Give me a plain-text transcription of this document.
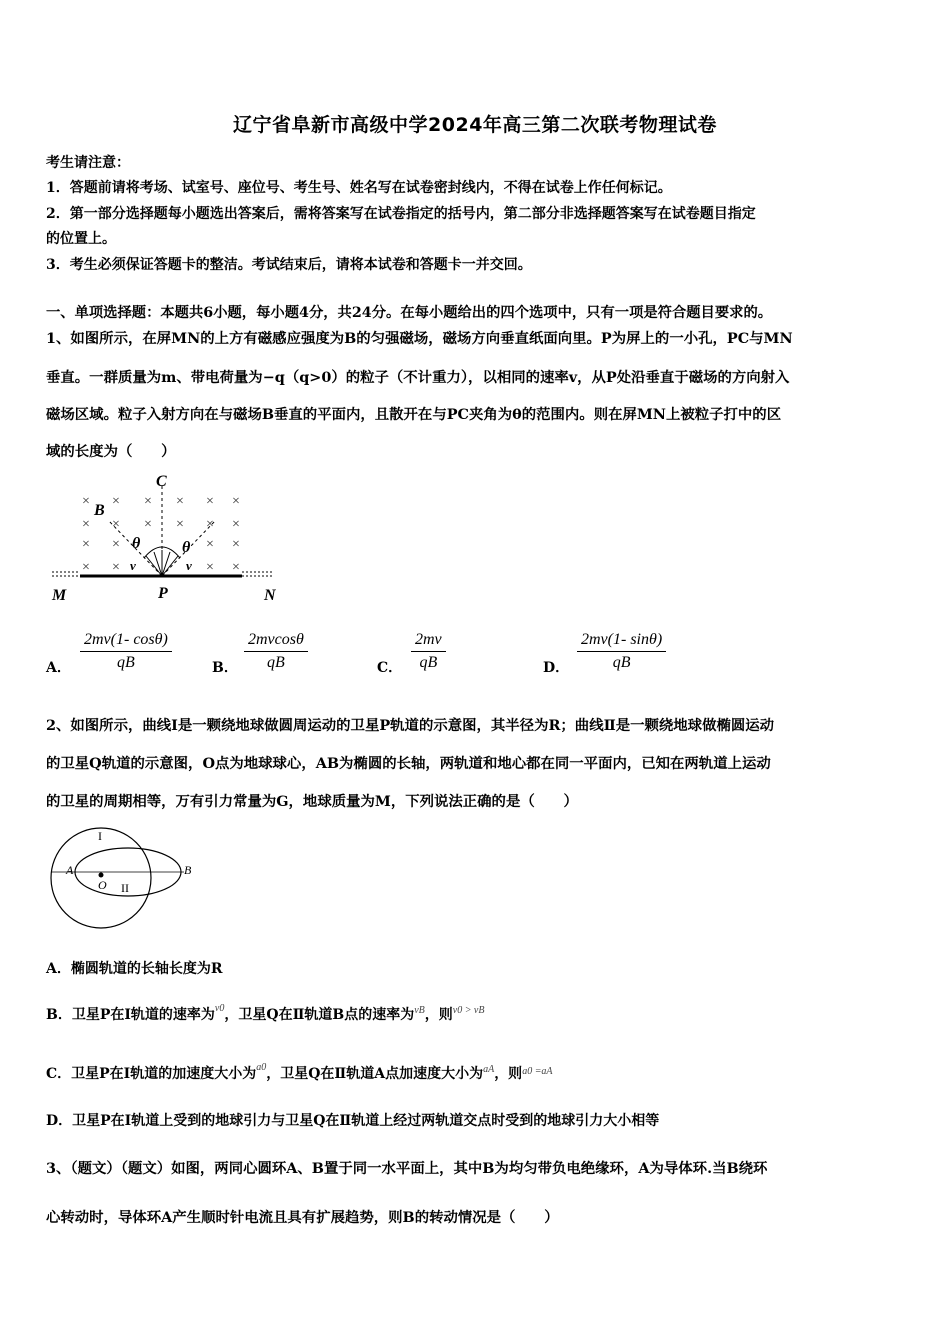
辽宁省阜新市高级中学2024年高三第二次联考物理试卷
考生请注意：
1．答题前请将考场、试室号、座位号、考生号、姓名写在试卷密封线内，不得在试卷上作任何标记。
2．第一部分选择题每小题选出答案后，需将答案写在试卷指定的括号内，第二部分非选择题答案写在试卷题目指定
的位置上。
3．考生必须保证答题卡的整洁。考试结束后，请将本试卷和答题卡一并交回。
一、单项选择题：本题共6小题，每小题4分，共24分。在每小题给出的四个选项中，只有一项是符合题目要求的。
1、如图所示，在屏MN的上方有磁感应强度为B的匀强磁场，磁场方向垂直纸面向里。P为屏上的一小孔，PC与MN
垂直。一群质量为m、带电荷量为−q（q>0）的粒子（不计重力），以相同的速率v，从P处沿垂直于磁场的方向射入
磁场区域。粒子入射方向在与磁场B垂直的平面内，且散开在与PC夹角为θ的范围内。则在屏MN上被粒子打中的区
域的长度为（　　）
× × × × × ×
× × × × ×
×
× ×	× ×
× ×	×
×
C
B
θ	θ
v	v
M	P	N
A． $\frac{2mv(1- \cos\theta)}{qB}$	B． $\frac{2mvcos\theta}{qB}$	C． $\frac{2mv}{qB}$	D． $\frac{2mv(1- \sin\theta)}{qB}$
2、如图所示，曲线Ⅰ是一颗绕地球做圆周运动的卫星P轨道的示意图，其半径为R；曲线Ⅱ是一颗绕地球做椭圆运动
的卫星Q轨道的示意图，O点为地球球心，AB为椭圆的长轴，两轨道和地心都在同一平面内，已知在两轨道上运动
的卫星的周期相等，万有引力常量为G，地球质量为M，下列说法正确的是（　　）
I
II
A	B
O
A．椭圆轨道的长轴长度为R
B．卫星P在Ⅰ轨道的速率为$^{v0}$，卫星Q在Ⅱ轨道B点的速率为$^{vB}$，则$^{v0 > vB}$
C．卫星P在Ⅰ轨道的加速度大小为$^{a0}$，卫星Q在Ⅱ轨道A点加速度大小为$^{aA}$，则$^{a0 =aA}$
D．卫星P在Ⅰ轨道上受到的地球引力与卫星Q在Ⅱ轨道上经过两轨道交点时受到的地球引力大小相等
3、（题文）（题文）如图，两同心圆环A、B置于同一水平面上，其中B为均匀带负电绝缘环，A为导体环.当B绕环
心转动时，导体环A产生顺时针电流且具有扩展趋势，则B的转动情况是（　　）
